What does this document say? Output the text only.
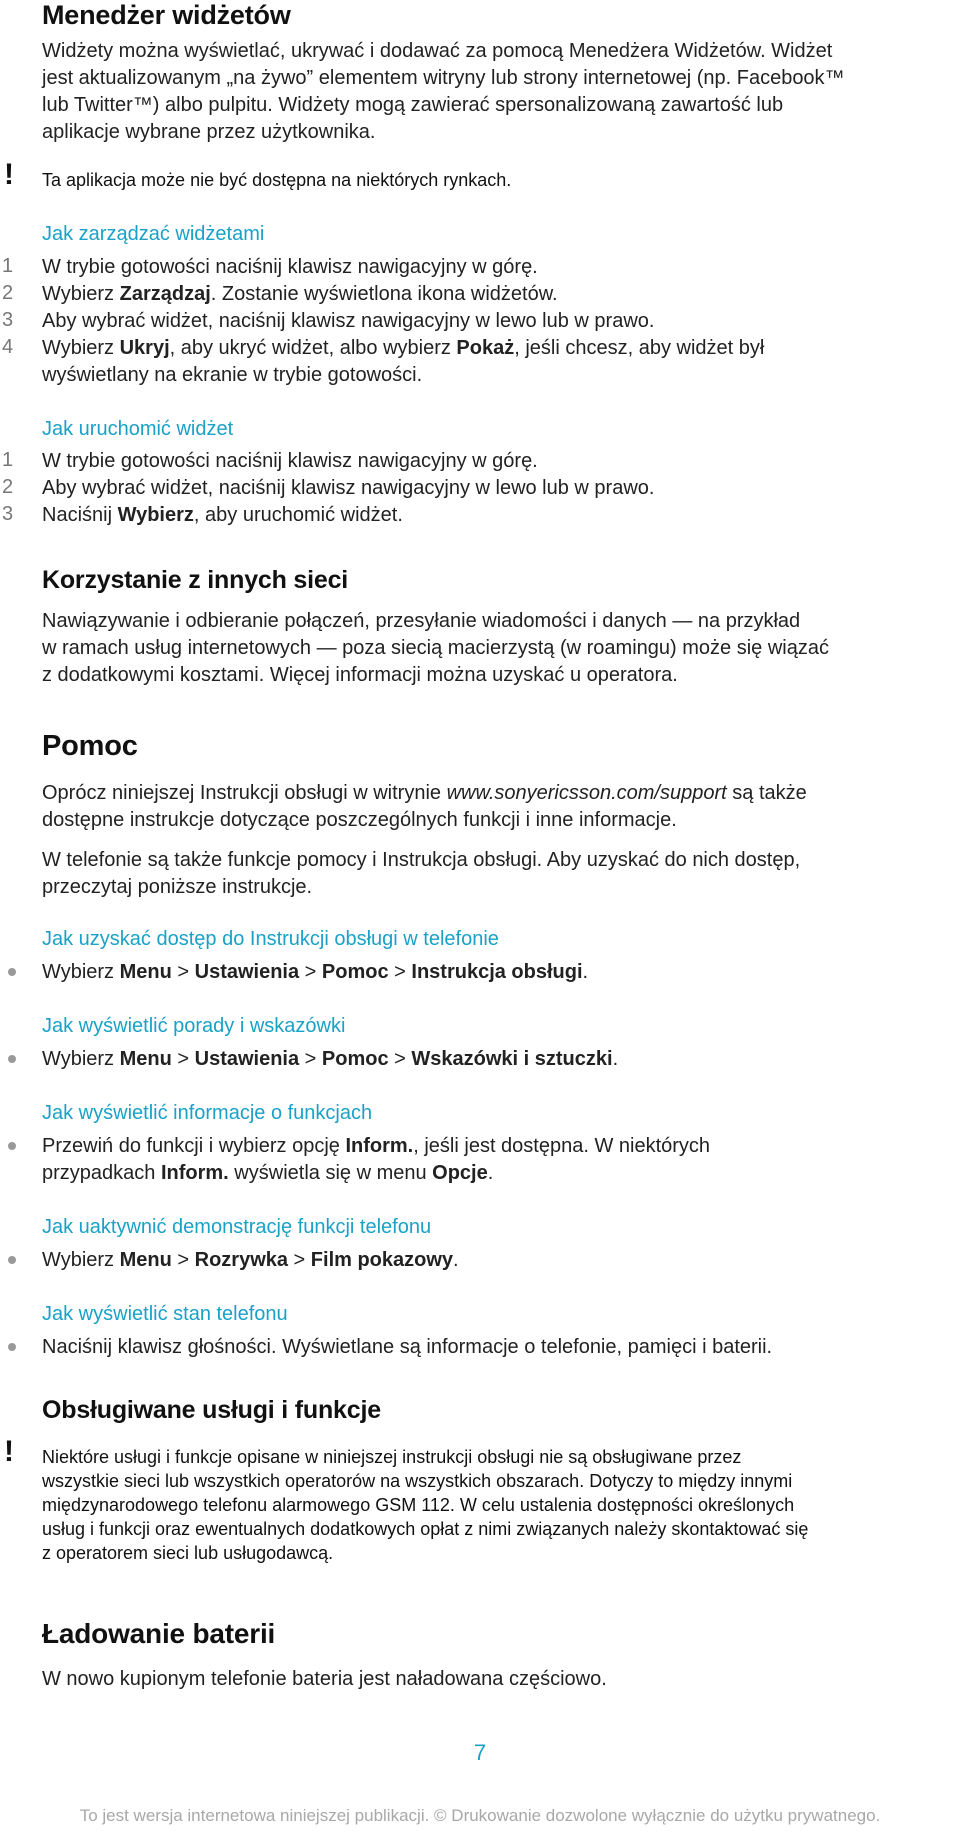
Menedżer widżetów
Widżety można wyświetlać, ukrywać i dodawać za pomocą Menedżera Widżetów. Widżet
jest aktualizowanym „na żywo” elementem witryny lub strony internetowej (np. Facebook™
lub Twitter™) albo pulpitu. Widżety mogą zawierać spersonalizowaną zawartość lub
aplikacje wybrane przez użytkownika.
! Ta aplikacja może nie być dostępna na niektórych rynkach.
Jak zarządzać widżetami
1 W trybie gotowości naciśnij klawisz nawigacyjny w górę.
2 Wybierz Zarządzaj. Zostanie wyświetlona ikona widżetów.
3 Aby wybrać widżet, naciśnij klawisz nawigacyjny w lewo lub w prawo.
4 Wybierz Ukryj, aby ukryć widżet, albo wybierz Pokaż, jeśli chcesz, aby widżet był
wyświetlany na ekranie w trybie gotowości.
Jak uruchomić widżet
1 W trybie gotowości naciśnij klawisz nawigacyjny w górę.
2 Aby wybrać widżet, naciśnij klawisz nawigacyjny w lewo lub w prawo.
3 Naciśnij Wybierz, aby uruchomić widżet.
Korzystanie z innych sieci
Nawiązywanie i odbieranie połączeń, przesyłanie wiadomości i danych — na przykład
w ramach usług internetowych — poza siecią macierzystą (w roamingu) może się wiązać
z dodatkowymi kosztami. Więcej informacji można uzyskać u operatora.
Pomoc
Oprócz niniejszej Instrukcji obsługi w witrynie www.sonyericsson.com/support są także
dostępne instrukcje dotyczące poszczególnych funkcji i inne informacje.
W telefonie są także funkcje pomocy i Instrukcja obsługi. Aby uzyskać do nich dostęp,
przeczytaj poniższe instrukcje.
Jak uzyskać dostęp do Instrukcji obsługi w telefonie
Wybierz Menu > Ustawienia > Pomoc > Instrukcja obsługi.
Jak wyświetlić porady i wskazówki
Wybierz Menu > Ustawienia > Pomoc > Wskazówki i sztuczki.
Jak wyświetlić informacje o funkcjach
Przewiń do funkcji i wybierz opcję Inform., jeśli jest dostępna. W niektórych
przypadkach Inform. wyświetla się w menu Opcje.
Jak uaktywnić demonstrację funkcji telefonu
Wybierz Menu > Rozrywka > Film pokazowy.
Jak wyświetlić stan telefonu
Naciśnij klawisz głośności. Wyświetlane są informacje o telefonie, pamięci i baterii.
Obsługiwane usługi i funkcje
! Niektóre usługi i funkcje opisane w niniejszej instrukcji obsługi nie są obsługiwane przez
wszystkie sieci lub wszystkich operatorów na wszystkich obszarach. Dotyczy to między innymi
międzynarodowego telefonu alarmowego GSM 112. W celu ustalenia dostępności określonych
usług i funkcji oraz ewentualnych dodatkowych opłat z nimi związanych należy skontaktować się
z operatorem sieci lub usługodawcą.
Ładowanie baterii
W nowo kupionym telefonie bateria jest naładowana częściowo.
7
To jest wersja internetowa niniejszej publikacji. © Drukowanie dozwolone wyłącznie do użytku prywatnego.
